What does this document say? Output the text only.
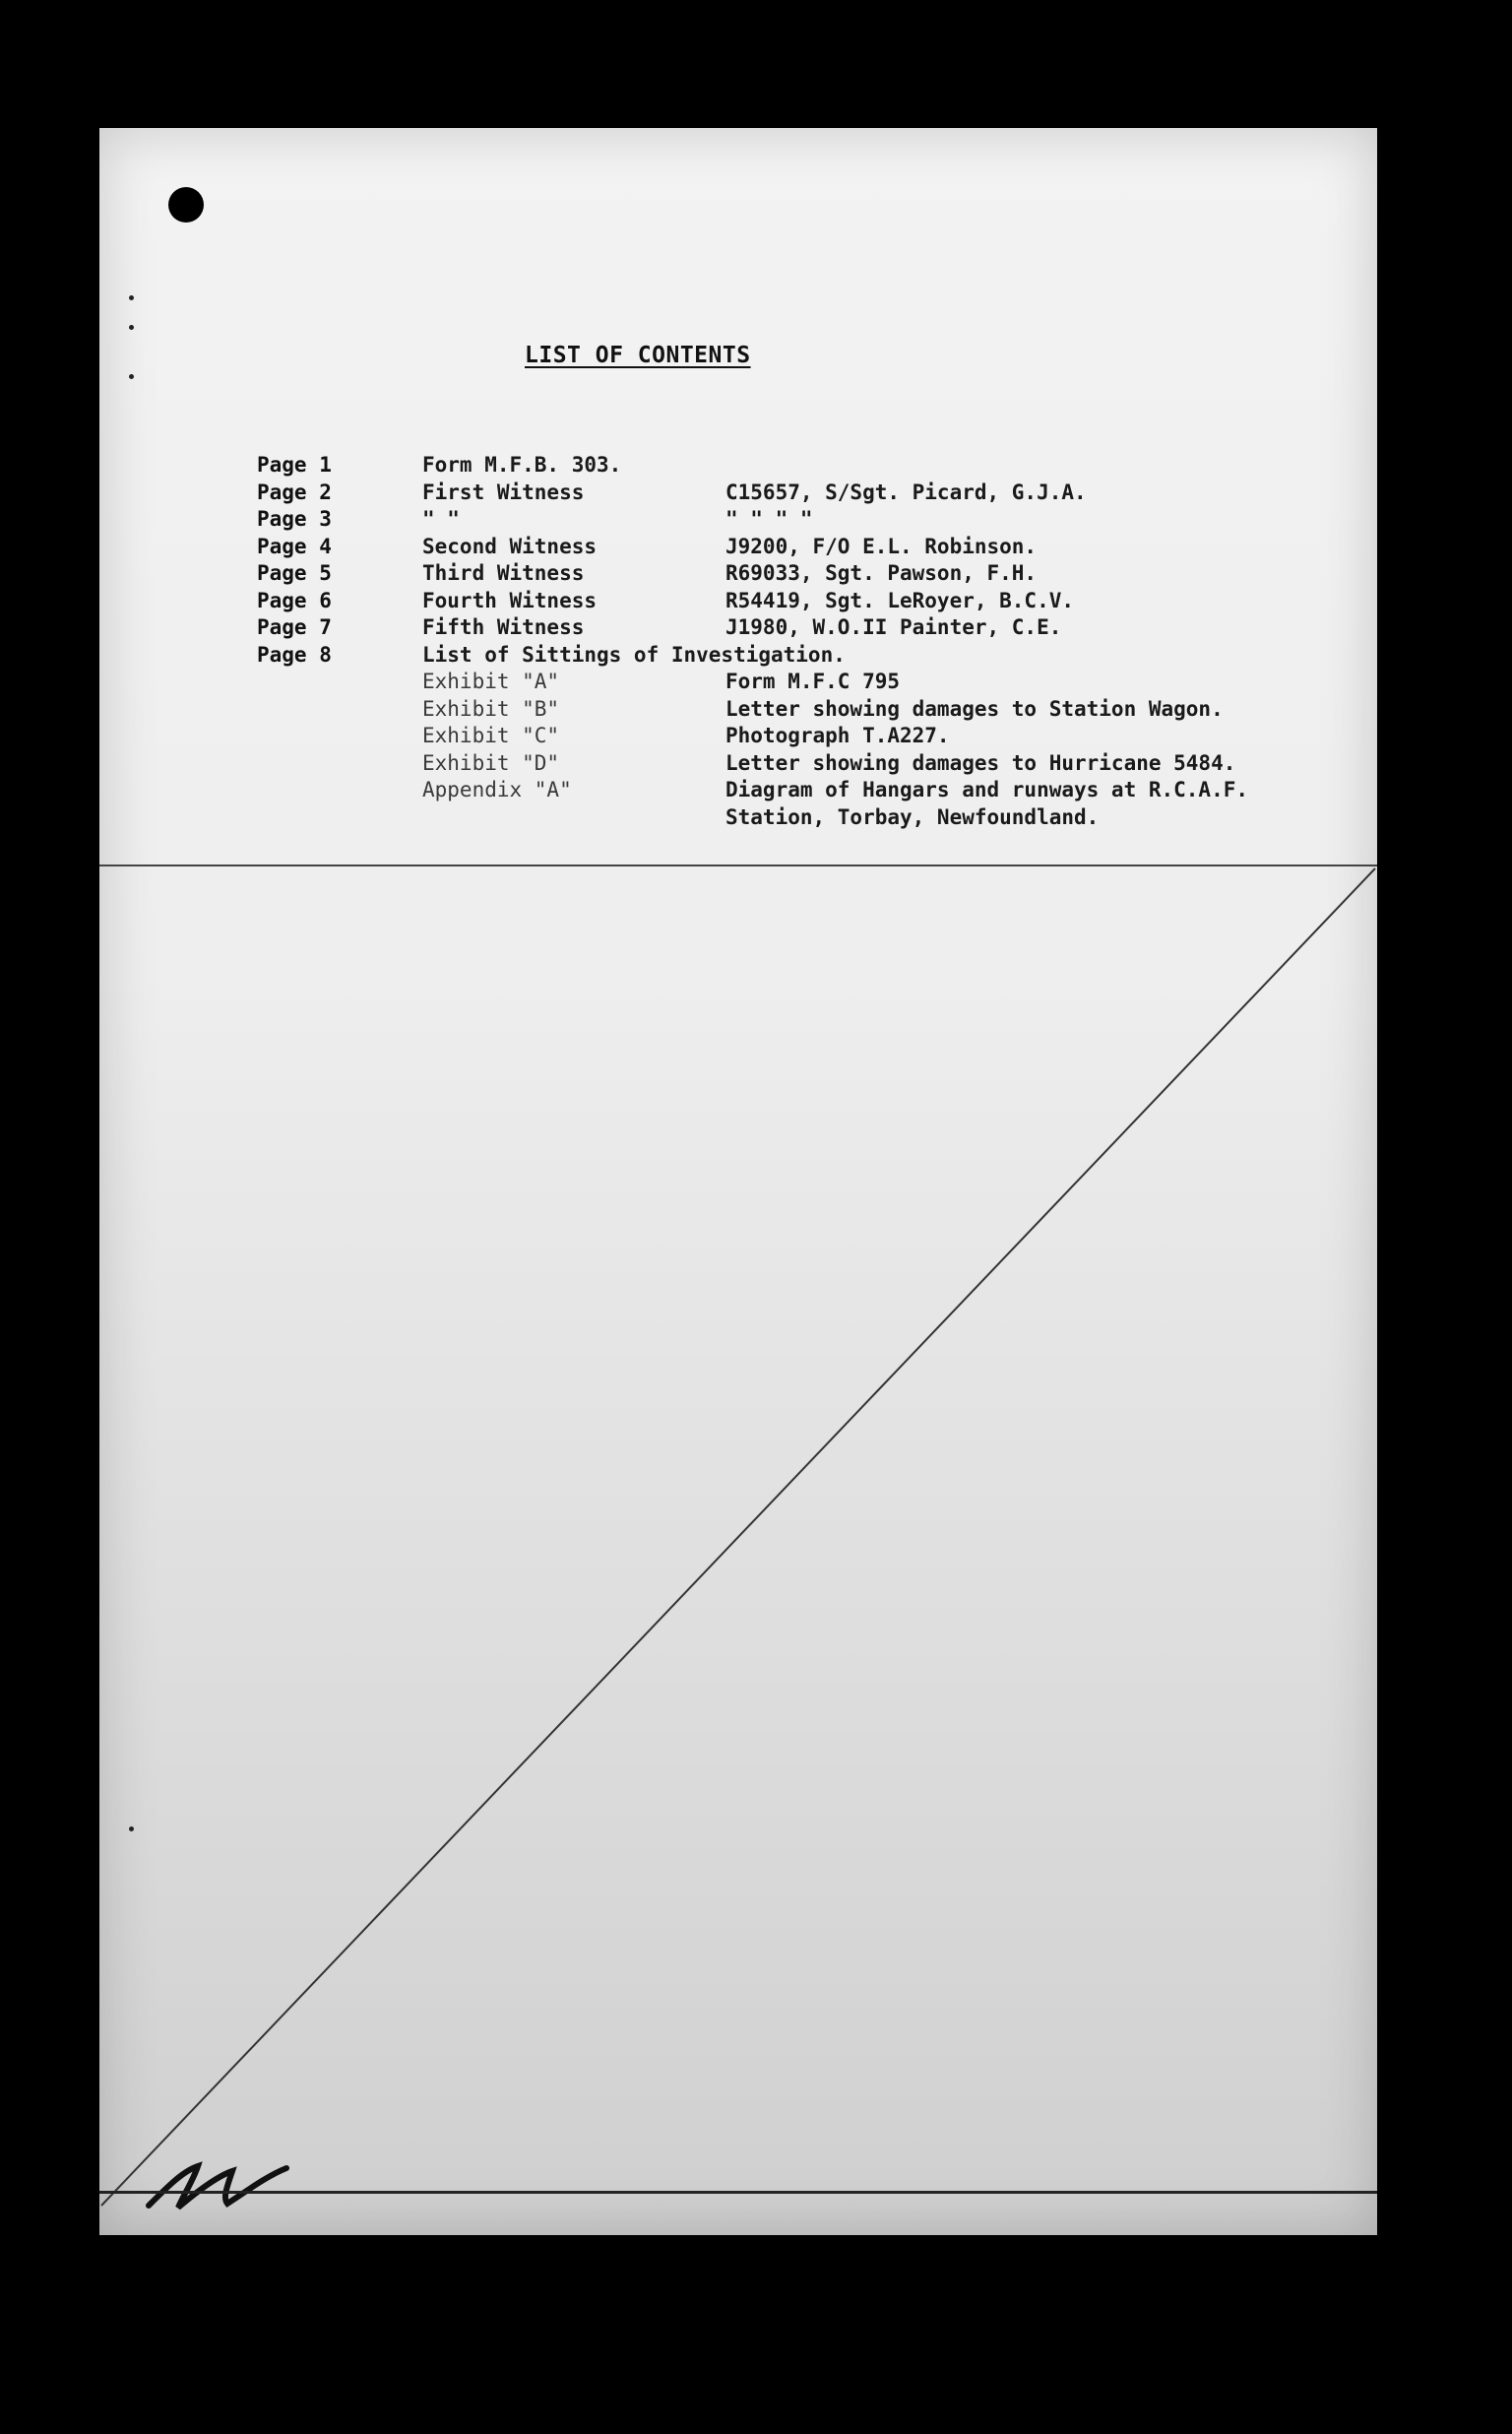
LIST OF CONTENTS
Page 1	Form M.F.B. 303.
Page 2	First Witness	C15657, S/Sgt. Picard, G.J.A.
Page 3	" "	" " " "
Page 4	Second Witness	J9200, F/O E.L. Robinson.
Page 5	Third Witness	R69033, Sgt. Pawson, F.H.
Page 6	Fourth Witness	R54419, Sgt. LeRoyer, B.C.V.
Page 7	Fifth Witness	J1980, W.O.II Painter, C.E.
Page 8	List of Sittings of Investigation.
Exhibit "A"	Form M.F.C 795
Exhibit "B"	Letter showing damages to Station Wagon.
Exhibit "C"	Photograph T.A227.
Exhibit "D"	Letter showing damages to Hurricane 5484.
Appendix "A"	Diagram of Hangars and runways at R.C.A.F.
Station, Torbay, Newfoundland.
